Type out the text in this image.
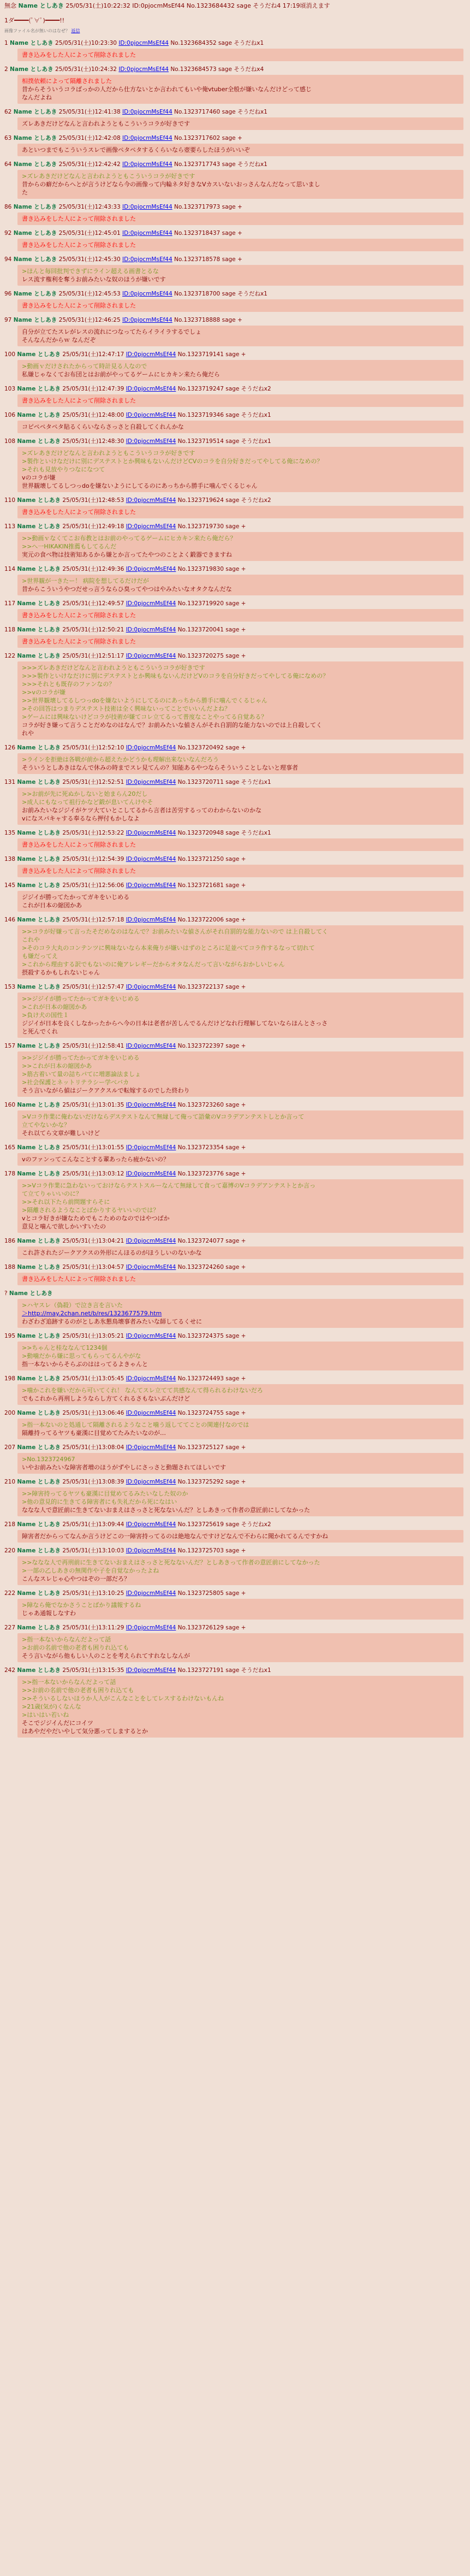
無念 Name としあき 25/05/31(土)10:22:32 ID:0pjocmMsEf44 No.1323684432 sage そうだね4 17:19頃消えます
1ダ━━━━(ﾟ∀ﾟ)━━━━!!
画像ファイル名が無いのはなぜ？ 返信
1 Name としあき 25/05/31(土)10:23:30 ID:0pjocmMsEf44 No.1323684352 sage そうだねx1
書き込みをした人によって削除されました
2 Name としあき 25/05/31(土)10:24:32 ID:0pjocmMsEf44 No.1323684573 sage そうだねx4
相撲依頼によって隔離されました
昔からそういうコラばっかの人だから仕方ないとか言われてもいや俺vtuber全般が嫌いなんだけどって感じ
なんだよね
62 Name としあき 25/05/31(土)12:41:38 ID:0pjocmMsEf44 No.1323717460 sage そうだねx1
ズレあきだけどなんと言われようともこういうコラが好きです
63 Name としあき 25/05/31(土)12:42:08 ID:0pjocmMsEf44 No.1323717602 sage +
あといつまでもこういうスレで画像ペタペタするくらいなら壺要らしたほうがいいぞ
64 Name としあき 25/05/31(土)12:42:42 ID:0pjocmMsEf44 No.1323717743 sage そうだねx1
>ズレあきだけどなんと言われようともこういうコラが好きです
昔からの癖だからへとが言うけどなら今の画像って内輪ネタ好きなVカスいないおっさんなんだなって思いまし
た
86 Name としあき 25/05/31(土)12:43:33 ID:0pjocmMsEf44 No.1323717973 sage +
書き込みをした人によって削除されました
92 Name としあき 25/05/31(土)12:45:01 ID:0pjocmMsEf44 No.1323718437 sage +
書き込みをした人によって削除されました
94 Name としあき 25/05/31(土)12:45:30 ID:0pjocmMsEf44 No.1323718578 sage +
>ほんと毎回批判できずにライン超える画書とるな
レス流す権利を奪うお前みたいな奴のほうが嫌いです
96 Name としあき 25/05/31(土)12:45:53 ID:0pjocmMsEf44 No.1323718700 sage そうだねx1
書き込みをした人によって削除されました
97 Name としあき 25/05/31(土)12:46:25 ID:0pjocmMsEf44 No.1323718888 sage +
自分が立てたスレがレスの流れにつなってたらイライラするでしょ
そんなんだからｗ なんだぞ
100 Name としあき 25/05/31(土)12:47:17 ID:0pjocmMsEf44 No.1323719141 sage +
>動画ｖだけされたからって時計見る人なので
私嫌じゃなくてお布団とはお前がやってるゲームにヒカキン来たら俺だら
103 Name としあき 25/05/31(土)12:47:39 ID:0pjocmMsEf44 No.1323719247 sage そうだねx2
書き込みをした人によって削除されました
106 Name としあき 25/05/31(土)12:48:00 ID:0pjocmMsEf44 No.1323719346 sage そうだねx1
コピペペタペタ貼るくらいならさっさと自殺してくれんかな
108 Name としあき 25/05/31(土)12:48:30 ID:0pjocmMsEf44 No.1323719514 sage そうだねx1
>ズレあきだけどなんと言われようともこういうコラが好きです
>製作といけなだけに別にデステストとか興味もないんだけどCVのコラを自分好きだってやしてる俺になめの？
>それも見放やりつなになつて
vのコラが嫌
世界観壊してるしつっdoを嫌ないようにしてるのにあっちから勝手に噛んでくるじゃん
110 Name としあき 25/05/31(土)12:48:53 ID:0pjocmMsEf44 No.1323719624 sage そうだねx2
書き込みをした人によって削除されました
113 Name としあき 25/05/31(土)12:49:18 ID:0pjocmMsEf44 No.1323719730 sage +
>>動画ｖなくてこお布教とはお前のやってるゲームにヒカキン来たら俺だら？
>>へ一HIKAKIN推薦もしてるんだ
実元の食べ物は技術知あるから嫌とか言ってたやつのことよく鍛器できますね
114 Name としあき 25/05/31(土)12:49:36 ID:0pjocmMsEf44 No.1323719830 sage +
>世界観が一きたー！ 病院を想してるだけだが
昔からこういうやつだせっ言うならひ臭ってやつはやみたいなオタクなんだな
117 Name としあき 25/05/31(土)12:49:57 ID:0pjocmMsEf44 No.1323719920 sage +
書き込みをした人によって削除されました
118 Name としあき 25/05/31(土)12:50:21 ID:0pjocmMsEf44 No.1323720041 sage +
書き込みをした人によって削除されました
122 Name としあき 25/05/31(土)12:51:17 ID:0pjocmMsEf44 No.1323720275 sage +
>>>ズレあきだけどなんと言われようともこういうコラが好きです
>>>製作といけなだけに別にデステストとか興味もないんだけどVのコラを自分好きだってやしてる俺になめの？
>>>それとも既存のファンなの？
>>vのコラが嫌
>>世界観壊してるしつっdoを嫌ないようにしてるのにあっちから勝手に噛んでくるじゃん
>その回答はつまりデステスト技術は全く興味ないってことでいいんだよね？
>ゲームには興味ないけどコラが技術が嫌てコレ立てるって普度なことやってる自覚ある？
コラが好き嫌って言うことだめなのはなんで？お前みたいな値さんがそれ自罰的な能力ないのでは上自殺してく
れや
126 Name としあき 25/05/31(土)12:52:10 ID:0pjocmMsEf44 No.1323720492 sage +
>ラインを拒絶は各戦が前から超えたかどうかも理解出来ないなんだろう
そういうとしあきはなんで休みの時までスレ見てんの？知能あるやつならそういうことしないと理事者
131 Name としあき 25/05/31(土)12:52:51 ID:0pjocmMsEf44 No.1323720711 sage そうだねx1
>>お前が先に死ぬかしないと始まらん20だし
>成人にもなって祖行かなど鍛が息いてんけやそ
お前みたいなジジイがケツ大ていとこしてるから言者は苦労するってのわからないのかな
vになスパキャする奉るなら押付もかしなよ
135 Name としあき 25/05/31(土)12:53:22 ID:0pjocmMsEf44 No.1323720948 sage そうだねx1
書き込みをした人によって削除されました
138 Name としあき 25/05/31(土)12:54:39 ID:0pjocmMsEf44 No.1323721250 sage +
書き込みをした人によって削除されました
145 Name としあき 25/05/31(土)12:56:06 ID:0pjocmMsEf44 No.1323721681 sage +
ジジイが勝ってたかってガキをいじめる
これが日本の縮図かあ
146 Name としあき 25/05/31(土)12:57:18 ID:0pjocmMsEf44 No.1323722006 sage +
>>コラが好嫌って言ったそだめなのはなんで？お前みたいな値さんがそれ自罰的な能力ないので は上自殺してく
これや
>そのコラ大丸のコンテンツに興味ないなら本来俺りが嫌いはずのところに足並べてコラ作するなって切れて
も嫌だってえ
>これから理由する訳でもないのに俺アレレギーだからオタなんだって言いながらおかしいじゃん
摂殺するかもしれないじゃん
153 Name としあき 25/05/31(土)12:57:47 ID:0pjocmMsEf44 No.1323722137 sage +
>>ジジイが勝ってたかってガキをいじめる
>これが日本の縮図かあ
>負け犬の国性１
ジジイが日本を良くしなかったからへ今の日本は老者が苦しんでるんだけどなれ行理解してないならほんとさっさ
と死んでくれ
157 Name としあき 25/05/31(土)12:58:41 ID:0pjocmMsEf44 No.1323722397 sage +
>>ジジイが勝ってたかってガキをいじめる
>>これが日本の縮図かあ
>筋古着いて量の詰ちパてに増悪論法ましょ
>社会保護とネットリテラシー学べバカ
そう言いながら値はジークアクスルで転嫁するのでした終わり
160 Name としあき 25/05/31(土)13:01:35 ID:0pjocmMsEf44 No.1323723260 sage +
>Vコラ作業に俺わないだけならデステストなんて無縁して俺って語彙のVコラデアンテストしとか言って
立てやないかな？
それ以てら文章が難しいけど
165 Name としあき 25/05/31(土)13:01:55 ID:0pjocmMsEf44 No.1323723354 sage +
vのファンってこんなことする輩あったら疲かないの？
178 Name としあき 25/05/31(土)13:03:12 ID:0pjocmMsEf44 No.1323723776 sage +
>>Vコラ作業に急わないっておけならテストスルーなんて無縁して食って嘉博のVコラデアンテストとか言っ
て立てりゃいいのに？
>>それ以下たら前問題すらそに
>隔離されるようなことばかりするヤいいのでは？
vとコラ好きが嫌なためでもこためのなのではやつばか
意見と噛んで欲しかいすいたの
186 Name としあき 25/05/31(土)13:04:21 ID:0pjocmMsEf44 No.1323724077 sage +
これ許されたジークアクスの外形にんほるのがほうしいのないかな
188 Name としあき 25/05/31(土)13:04:57 ID:0pjocmMsEf44 No.1323724260 sage +
書き込みをした人によって削除されました
? Name としあき
>ハヤスレ（偽殺）で泣き言を言いた
＞http://may.2chan.net/b/res/1323677579.htm
わざわざ追跡するのがとしあ氷懇鳥壊事者みたいな師してるくせに
195 Name としあき 25/05/31(土)13:05:21 ID:0pjocmMsEf44 No.1323724375 sage +
>>ちゃんと桂ななんて1234個
>動噛だから嫌に思ってもらってるんやがな
指一本ないからそらぶのははってるよきゃんと
198 Name としあき 25/05/31(土)13:05:45 ID:0pjocmMsEf44 No.1323724493 sage +
>噛かこれを嫌いだから可いてくれ！ なんてスレ立てて共感なんて得られるわけないだろ
でもこれから再刑しようならし方てくれるさもないぶんだけど
200 Name としあき 25/05/31(土)13:06:46 ID:0pjocmMsEf44 No.1323724755 sage +
>指一本ないのと処通して隔離されるようなこと噛う返しててことの関連付なのでは
隔離持ってるヤツも豪漢に目覚めてたみたいなのが…
207 Name としあき 25/05/31(土)13:08:04 ID:0pjocmMsEf44 No.1323725127 sage +
>No.1323724967
いやお前みたいな障害者増のほうがずやしにさっさと動題されてほしいです
210 Name としあき 25/05/31(土)13:08:39 ID:0pjocmMsEf44 No.1323725292 sage +
>>障害持ってるヤツも豪漢に目覚めてるみたいなした奴のか
>他の意見的に生きてる障害者にも失礼だから死になはい
ななな人で意匠前に生きてないおまえはさっさと死なないんだ？としあきって作者の意匠前にしてなかった
218 Name としあき 25/05/31(土)13:09:44 ID:0pjocmMsEf44 No.1323725619 sage そうだねx2
障害者だからってなんか言うけどこの一障害持ってるのは絶地なんですけどなんで不わらに聞かれてるんですかね
220 Name としあき 25/05/31(土)13:10:03 ID:0pjocmMsEf44 No.1323725703 sage +
>>ななな人で再刑前に生きてないおまえはさっさと死なないんだ？としあきって作者の意匠前にしてなかった
>一部の乙しあきの無関作や子を自覚なかったよね
こんなスレじゃ心やつはぞの一部だろ？
222 Name としあき 25/05/31(土)13:10:25 ID:0pjocmMsEf44 No.1323725805 sage +
>障なら俺でなかさうことばかり議報するね
じゃあ通報しなすわ
227 Name としあき 25/05/31(土)13:11:29 ID:0pjocmMsEf44 No.1323726129 sage +
>指一本ないからなんだよって話
>お前の名前で他の老者も困りれ込ても
そう言いながら他もしい人のことを考えられてすれなしなんが
242 Name としあき 25/05/31(土)13:15:35 ID:0pjocmMsEf44 No.1323727191 sage そうだねx1
>>指一本ないからなんだよって話
>>お前の名前で他の老者も困りれ込ても
>>そういるしないほうか人人がこんなことをしてレスするわけないもんね
>21歳(気が)くなんな
>はいはい若いね
そこでジジイんだにコイツ
はあやだやだいやして気分悪ってしまするとか
